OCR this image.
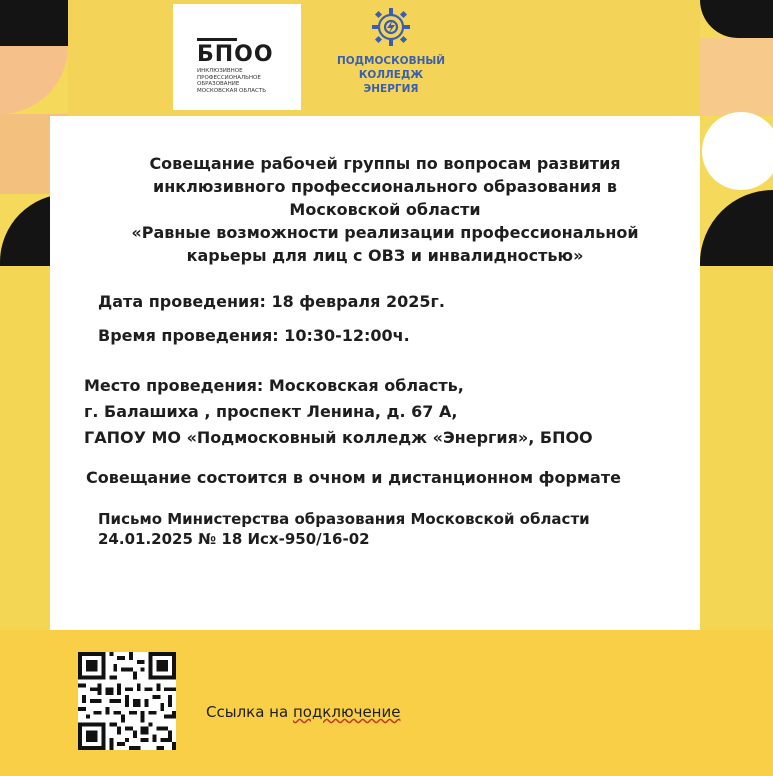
БПОО
ИНКЛЮЗИВНОЕ
ПРОФЕССИОНАЛЬНОЕ
ОБРАЗОВАНИЕ
МОСКОВСКАЯ ОБЛАСТЬ
ПОДМОСКОВНЫЙ
КОЛЛЕДЖ
ЭНЕРГИЯ
Совещание рабочей группы по вопросам развития
инклюзивного профессионального образования в
Московской области
«Равные возможности реализации профессиональной
карьеры для лиц с ОВЗ и инвалидностью»
Дата проведения: 18 февраля 2025г.
Время проведения: 10:30-12:00ч.
Место проведения: Московская область,
г. Балашиха , проспект Ленина, д. 67 А,
ГАПОУ МО «Подмосковный колледж «Энергия», БПОО
Совещание состоится в очном и дистанционном формате
Письмо Министерства образования Московской области
24.01.2025 № 18 Исх-950/16-02
Ссылка на подключение
